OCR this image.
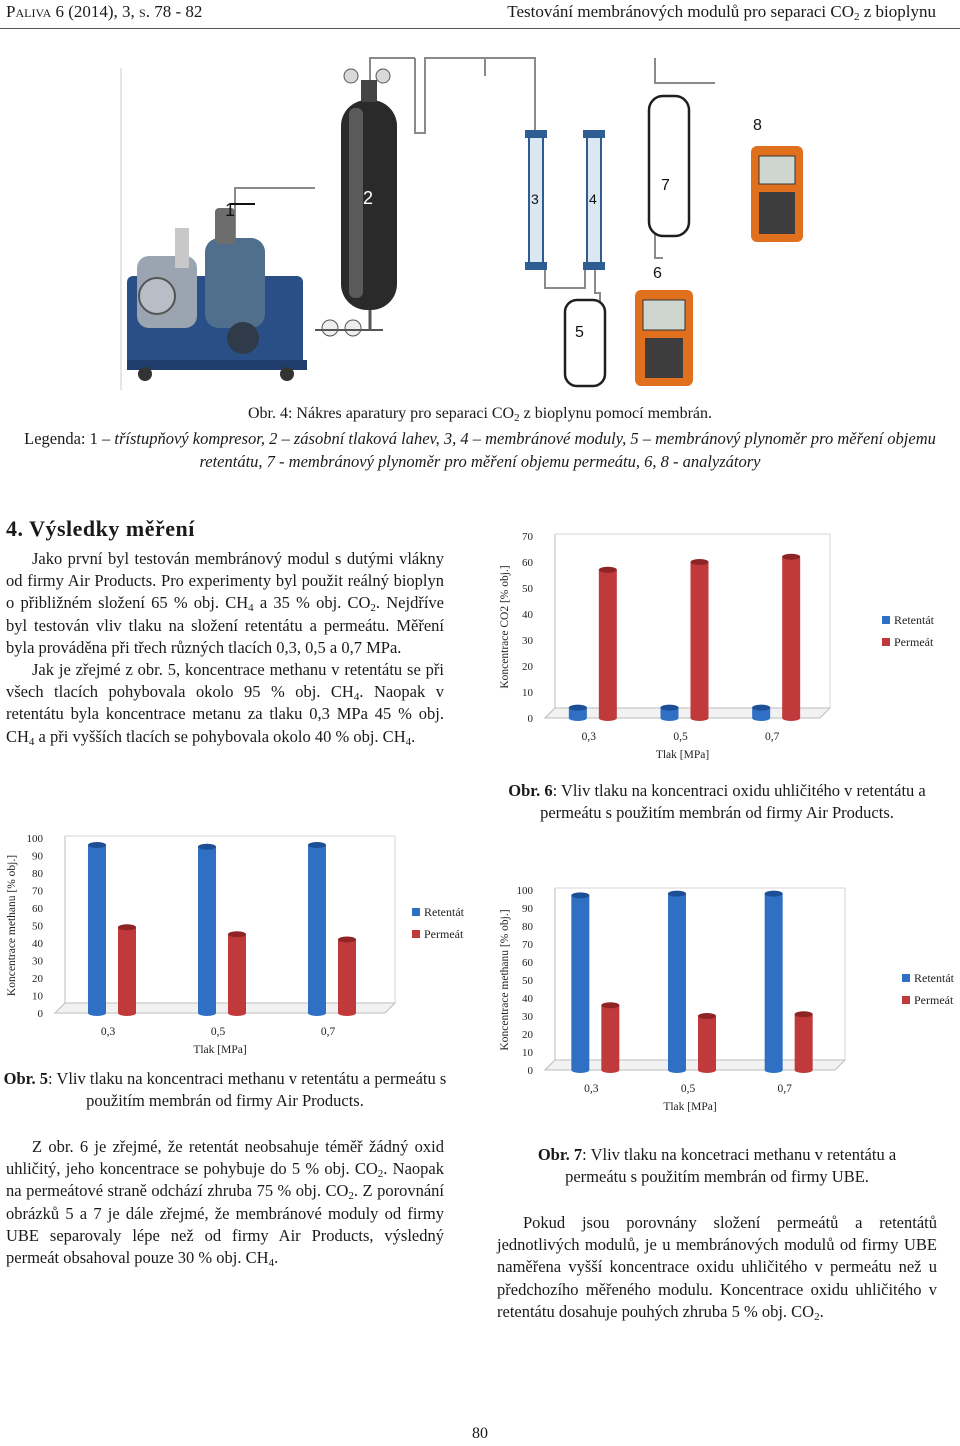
Paliva 6 (2014), 3, s. 78 - 82	Testování membránových modulů pro separaci $CO_2$ z bioplynu
1
2	3	4
5
6
7
8
Obr. 4: Nákres aparatury pro separaci $CO_2$ z bioplynu pomocí membrán.
Legenda: 1 – třístupňový kompresor, 2 – zásobní tlaková lahev, 3, 4 – membránové moduly, 5 – membránový plynoměr pro měření objemu retentátu, 7 - membránový plynoměr pro měření objemu permeátu, 6, 8 - analyzátory
4. Výsledky měření

Jako první byl testován membránový modul s dutými vlákny od firmy Air Products. Pro experimenty byl použit reálný bioplyn o přibližném složení 65 % obj. $CH_4$ a 35 % obj. $CO_2$. Nejdříve byl testován vliv tlaku na složení retentátu a permeátu. Měření byla prováděna při třech různých tlacích 0,3, 0,5 a 0,7 MPa.

Jak je zřejmé z obr. 5, koncentrace methanu v retentátu se při všech tlacích pohybovala okolo 95 % obj. $CH_4$. Naopak v retentátu byla koncentrace metanu za tlaku 0,3 MPa 45 % obj. $CH_4$ a při vyšších tlacích se pohybovala okolo 40 % obj. $CH_4$.

0
10
20
30
40
50
60
70
80
90
100
Koncentrace methanu [% obj.]
0,3	0,5	0,7
Tlak [MPa]
Retentát
Permeát
Obr. 5: Vliv tlaku na koncentraci methanu v retentátu a permeátu s použitím membrán od firmy Air Products.
0
10
20
30
40
50
60
70
Koncentrace CO2 [% obj.]
0,3	0,5	0,7
Tlak [MPa]
Retentát
Permeát
Obr. 6: Vliv tlaku na koncentraci oxidu uhličitého v retentátu a permeátu s použitím membrán od firmy Air Products.
0
10
20
30
40
50
60
70
80
90
100
Koncentrace methanu [% obj.]
0,3	0,5	0,7
Tlak [MPa]
Retentát
Permeát
Obr. 7: Vliv tlaku na koncetraci methanu v retentátu a permeátu s použitím membrán od firmy UBE.

Z obr. 6 je zřejmé, že retentát neobsahuje téměř žádný oxid uhličitý, jeho koncentrace se pohybuje do 5 % obj. $CO_2$. Naopak na permeátové straně odchází zhruba 75 % obj. $CO_2$. Z porovnání obrázků 5 a 7 je dále zřejmé, že membránové moduly od firmy UBE separovaly lépe než od firmy Air Products, výsledný permeát obsahoval pouze 30 % obj. $CH_4$.

Pokud jsou porovnány složení permeátů a retentátů jednotlivých modulů, je u membránových modulů od firmy UBE naměřena vyšší koncentrace oxidu uhličitého v permeátu než u předchozího měřeného modulu. Koncentrace oxidu uhličitého v retentátu dosahuje pouhých zhruba 5 % obj. $CO_2$.

80
